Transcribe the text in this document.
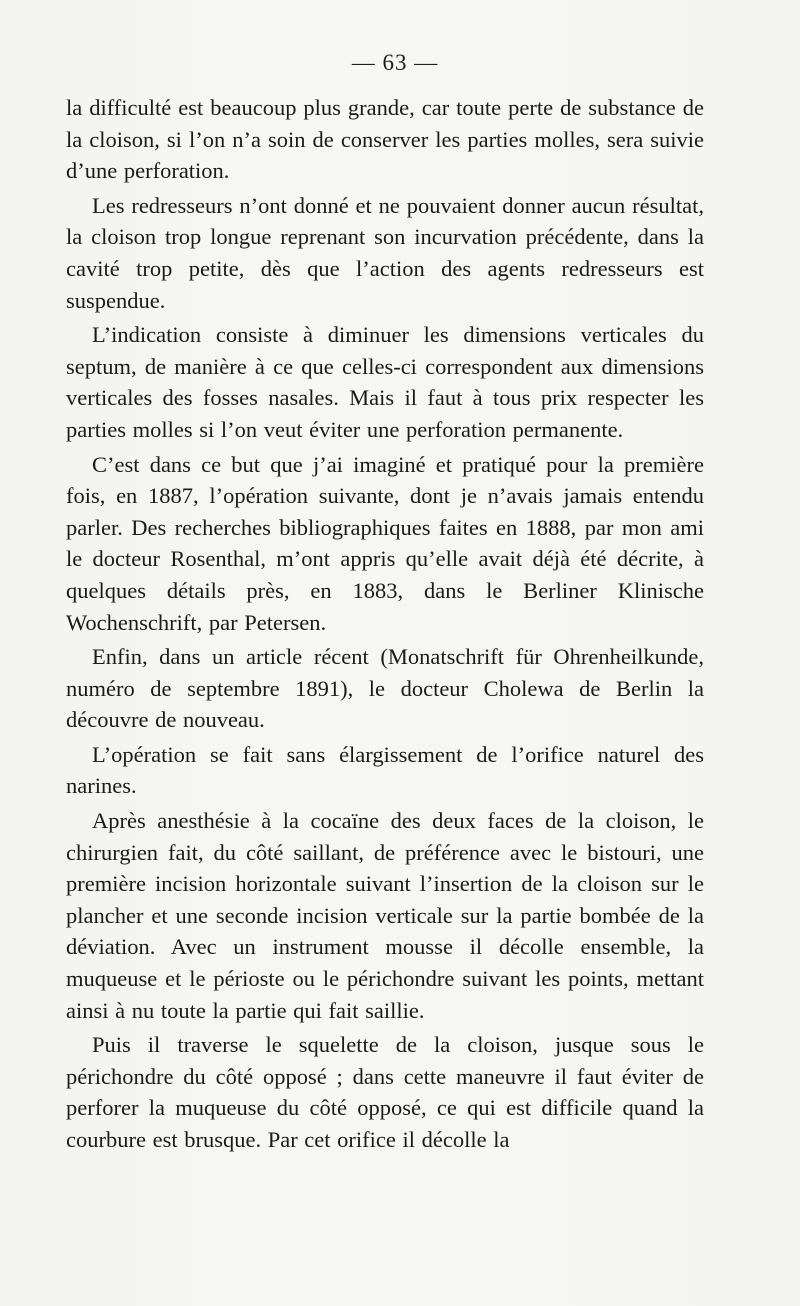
— 63 —

la difficulté est beaucoup plus grande, car toute perte de substance de la cloison, si l’on n’a soin de conserver les parties molles, sera suivie d’une perforation.

Les redresseurs n’ont donné et ne pouvaient donner aucun résultat, la cloison trop longue reprenant son incurvation précédente, dans la cavité trop petite, dès que l’action des agents redresseurs est suspendue.

L’indication consiste à diminuer les dimensions verticales du septum, de manière à ce que celles-ci correspondent aux dimensions verticales des fosses nasales. Mais il faut à tous prix respecter les parties molles si l’on veut éviter une perforation permanente.

C’est dans ce but que j’ai imaginé et pratiqué pour la première fois, en 1887, l’opération suivante, dont je n’avais jamais entendu parler. Des recherches bibliographiques faites en 1888, par mon ami le docteur Rosenthal, m’ont appris qu’elle avait déjà été décrite, à quelques détails près, en 1883, dans le Berliner Klinische Wochenschrift, par Petersen.

Enfin, dans un article récent (Monatschrift für Ohrenheilkunde, numéro de septembre 1891), le docteur Cholewa de Berlin la découvre de nouveau.

L’opération se fait sans élargissement de l’orifice naturel des narines.

Après anesthésie à la cocaïne des deux faces de la cloison, le chirurgien fait, du côté saillant, de préférence avec le bistouri, une première incision horizontale suivant l’insertion de la cloison sur le plancher et une seconde incision verticale sur la partie bombée de la déviation. Avec un instrument mousse il décolle ensemble, la muqueuse et le périoste ou le périchondre suivant les points, mettant ainsi à nu toute la partie qui fait saillie.

Puis il traverse le squelette de la cloison, jusque sous le périchondre du côté opposé ; dans cette maneuvre il faut éviter de perforer la muqueuse du côté opposé, ce qui est difficile quand la courbure est brusque. Par cet orifice il décolle la
